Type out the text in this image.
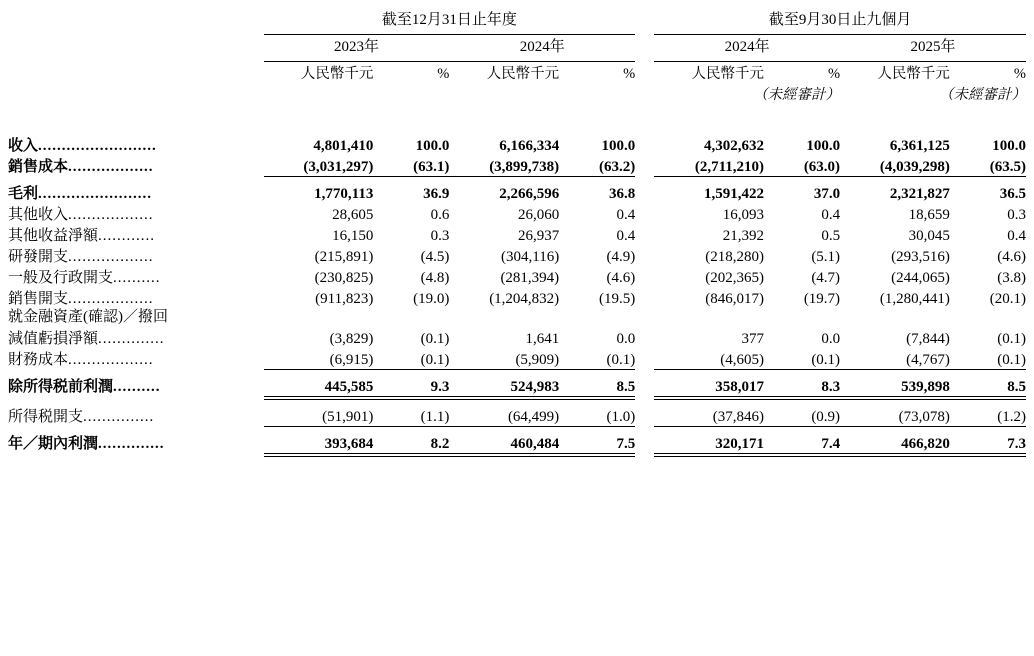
	截至12月31日止年度					截至9月30日止九個月			

	2023年		2024年			2024年		2025年	

	人民幣千元	%	人民幣千元	%		人民幣千元	%	人民幣千元	%
						（未經審計）		（未經審計）	

收入.........................	4,801,410	100.0	6,166,334	100.0		4,302,632	100.0	6,361,125	100.0
銷售成本..................	(3,031,297)	(63.1)	(3,899,738)	(63.2)		(2,711,210)	(63.0)	(4,039,298)	(63.5)

毛利........................	1,770,113	36.9	2,266,596	36.8		1,591,422	37.0	2,321,827	36.5
其他收入..................	28,605	0.6	26,060	0.4		16,093	0.4	18,659	0.3
其他收益淨額............	16,150	0.3	26,937	0.4		21,392	0.5	30,045	0.4
研發開支..................	(215,891)	(4.5)	(304,116)	(4.9)		(218,280)	(5.1)	(293,516)	(4.6)
一般及行政開支..........	(230,825)	(4.8)	(281,394)	(4.6)		(202,365)	(4.7)	(244,065)	(3.8)
銷售開支..................	(911,823)	(19.0)	(1,204,832)	(19.5)		(846,017)	(19.7)	(1,280,441)	(20.1)
就金融資產(確認)／撥回									
減值虧損淨額..............	(3,829)	(0.1)	1,641	0.0		377	0.0	(7,844)	(0.1)
財務成本..................	(6,915)	(0.1)	(5,909)	(0.1)		(4,605)	(0.1)	(4,767)	(0.1)

除所得税前利潤..........	445,585	9.3	524,983	8.5		358,017	8.3	539,898	8.5

所得税開支...............	(51,901)	(1.1)	(64,499)	(1.0)		(37,846)	(0.9)	(73,078)	(1.2)

年／期內利潤..............	393,684	8.2	460,484	7.5		320,171	7.4	466,820	7.3
